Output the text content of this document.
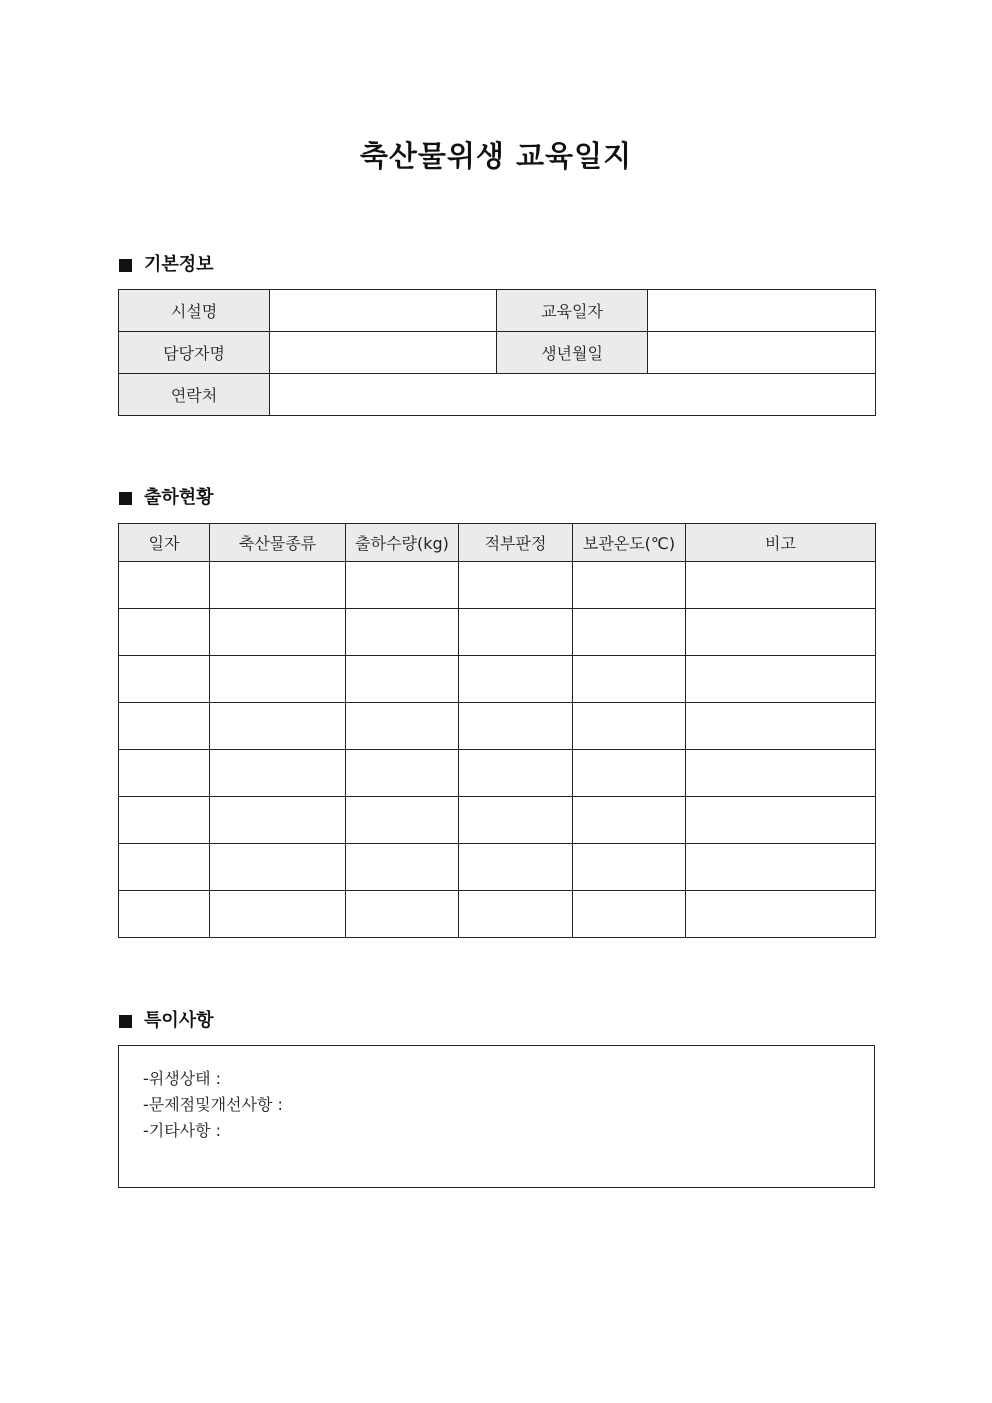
축산물위생 교육일지
기본정보
시설명		교육일자	
담당자명		생년월일	
연락처			
출하현황
일자	축산물종류	출하수량(kg)	적부판정	보관온도(℃)	비고

특이사항
-위생상태 :
-문제점및개선사항 :
-기타사항 :
